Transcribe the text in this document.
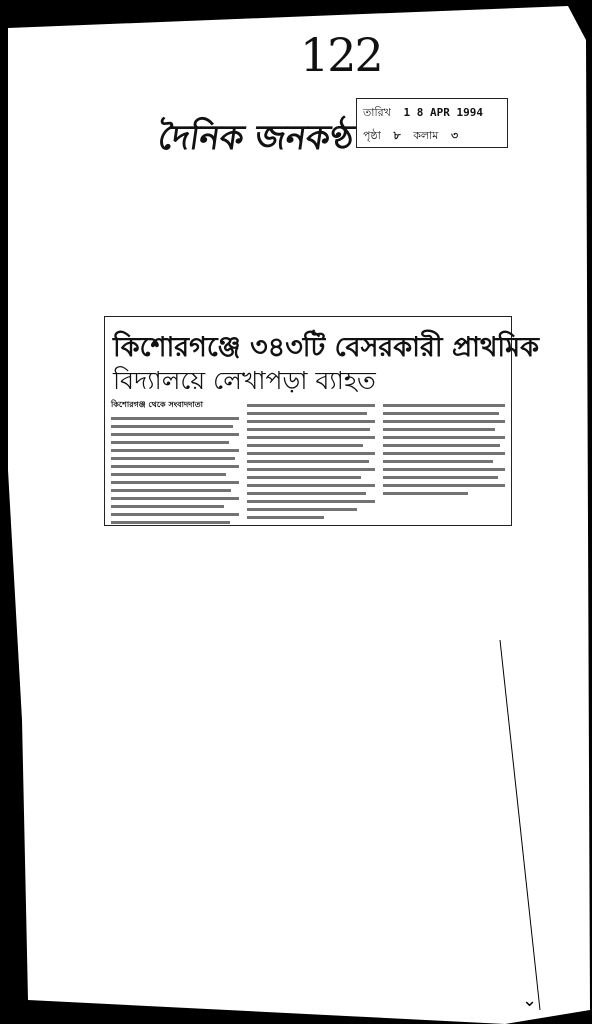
122
দৈনিক জনকণ্ঠ
তারিখ 1 8 APR 1994
পৃষ্ঠা ৮ কলাম ৩
কিশোরগঞ্জে ৩৪৩টি বেসরকারী প্রাথমিক
বিদ্যালয়ে লেখাপড়া ব্যাহত
কিশোরগঞ্জ থেকে সংবাদদাতা
⌄
